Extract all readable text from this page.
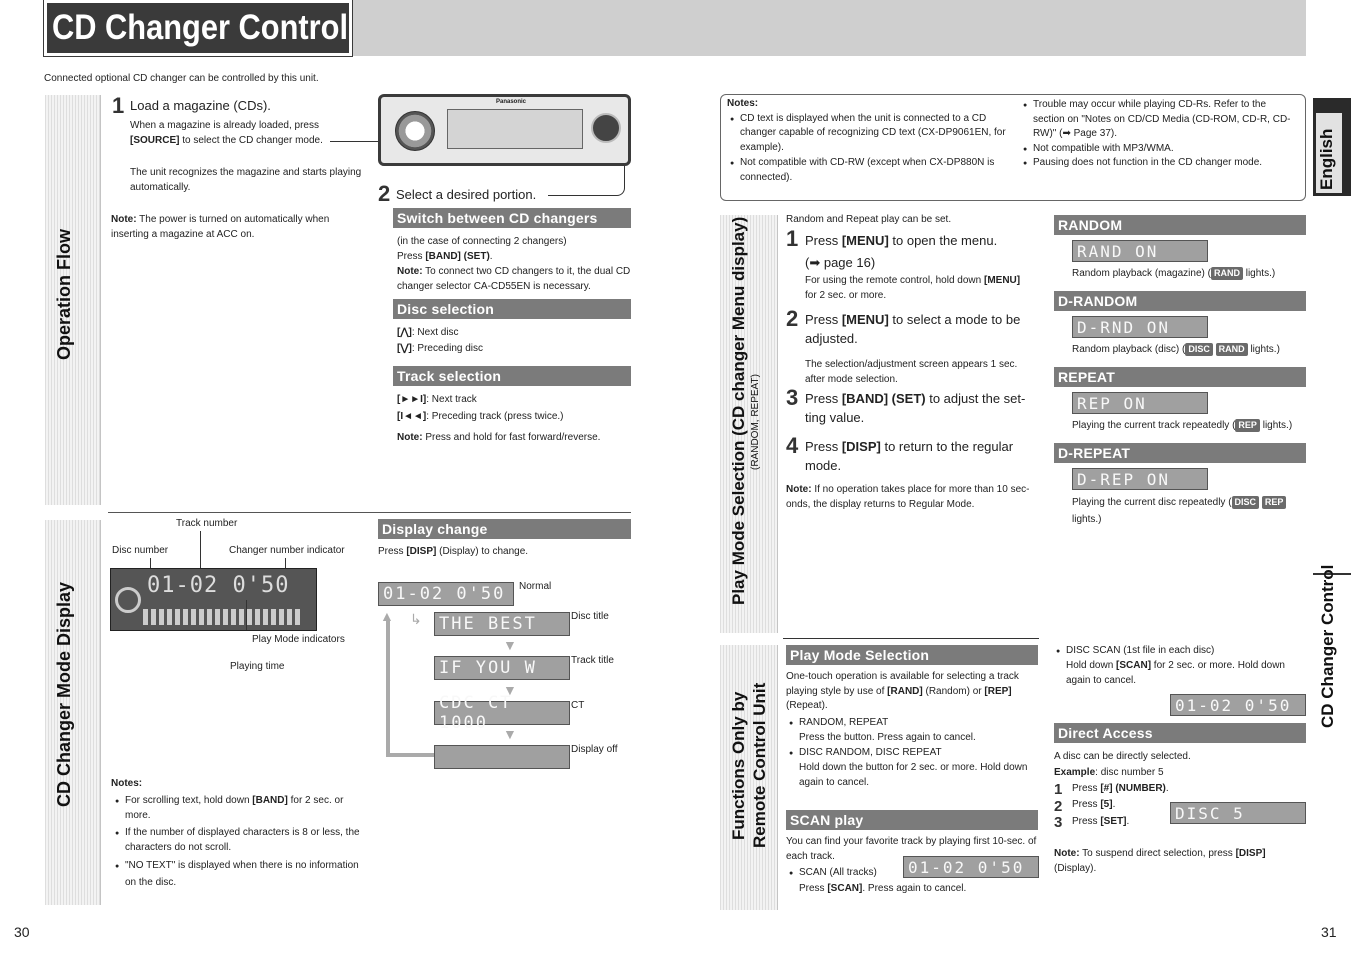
CD Changer Control
Connected optional CD changer can be controlled by this unit.
Operation Flow
CD Changer Mode Display
1 Load a magazine (CDs).
When a magazine is already loaded, press [SOURCE] to select the CD changer mode.
The unit recognizes the magazine and starts playing automatically.
Note: The power is turned on automatically when inserting a magazine at ACC on.
Panasonic
2 Select a desired portion.
Switch between CD changers
(in the case of connecting 2 changers)
Press [BAND] (SET).
Note: To connect two CD changers to it, the dual CD changer selector CA-CD55EN is necessary.
Disc selection
[⋀]: Next disc
[⋁]: Preceding disc
Track selection
[►►I]: Next track
[I◄◄]: Preceding track (press twice.)
Note: Press and hold for fast forward/reverse.
Track number
Disc number	Changer number indicator
01-02 0'50
Play Mode indicators
Playing time
Notes:
● For scrolling text, hold down [BAND] for 2 sec. or more.
● If the number of displayed characters is 8 or less, the characters do not scroll.
● "NO TEXT" is displayed when there is no information on the disc.
Display change
Press [DISP] (Display) to change.
01-02 0'50	Normal
THE BEST	Disc title
IF YOU W	Track title
CDC CT 1000
CT
Display off
▼
▼
▼
▲ ↳
30	31
Notes:
● CD text is displayed when the unit is connected to a CD changer capable of recognizing CD text (CX-DP9061EN, for example).
● Not compatible with CD-RW (except when CX-DP880N is connected).
● Trouble may occur while playing CD-Rs. Refer to the section on "Notes on CD/CD Media (CD-ROM, CD-R, CD-RW)" (➡ Page 37).
● Not compatible with MP3/WMA.
● Pausing does not function in the CD changer mode.	English
CD Changer Control
Play Mode Selection (CD changer Menu display) (RANDOM, REPEAT)
Random and Repeat play can be set.
1 Press [MENU] to open the menu.
(➡ page 16)
For using the remote control, hold down [MENU] for 2 sec. or more.
2 Press [MENU] to select a mode to be adjusted.
The selection/adjustment screen appears 1 sec. after mode selection.
3 Press [BAND] (SET) to adjust the set-ting value.
4 Press [DISP] to return to the regular mode.
Note: If no operation takes place for more than 10 sec-onds, the display returns to Regular Mode.
RANDOM
RAND ON
Random playback (magazine) ( RAND lights.)
D-RANDOM
D-RND ON
Random playback (disc) ( DISC RAND lights.)
REPEAT
REP ON
Playing the current track repeatedly ( REP lights.)
D-REPEAT
D-REP ON
Playing the current disc repeatedly ( DISC REP
lights.)
Functions Only by Remote Control Unit
Play Mode Selection
One-touch operation is available for selecting a track playing style by use of [RAND] (Random) or [REP] (Repeat).
● RANDOM, REPEAT
Press the button. Press again to cancel.
● DISC RANDOM, DISC REPEAT
Hold down the button for 2 sec. or more. Hold down again to cancel.
SCAN play
You can find your favorite track by playing first 10-sec. of each track.
● SCAN (All tracks)
Press [SCAN]. Press again to cancel.
01-02 0'50
● DISC SCAN (1st file in each disc)
Hold down [SCAN] for 2 sec. or more. Hold down again to cancel.
01-02 0'50
Direct Access
A disc can be directly selected.
Example: disc number 5
1 Press [#] (NUMBER).
2 Press [5].
3 Press [SET].	DISC 5
Note: To suspend direct selection, press [DISP] (Display).
